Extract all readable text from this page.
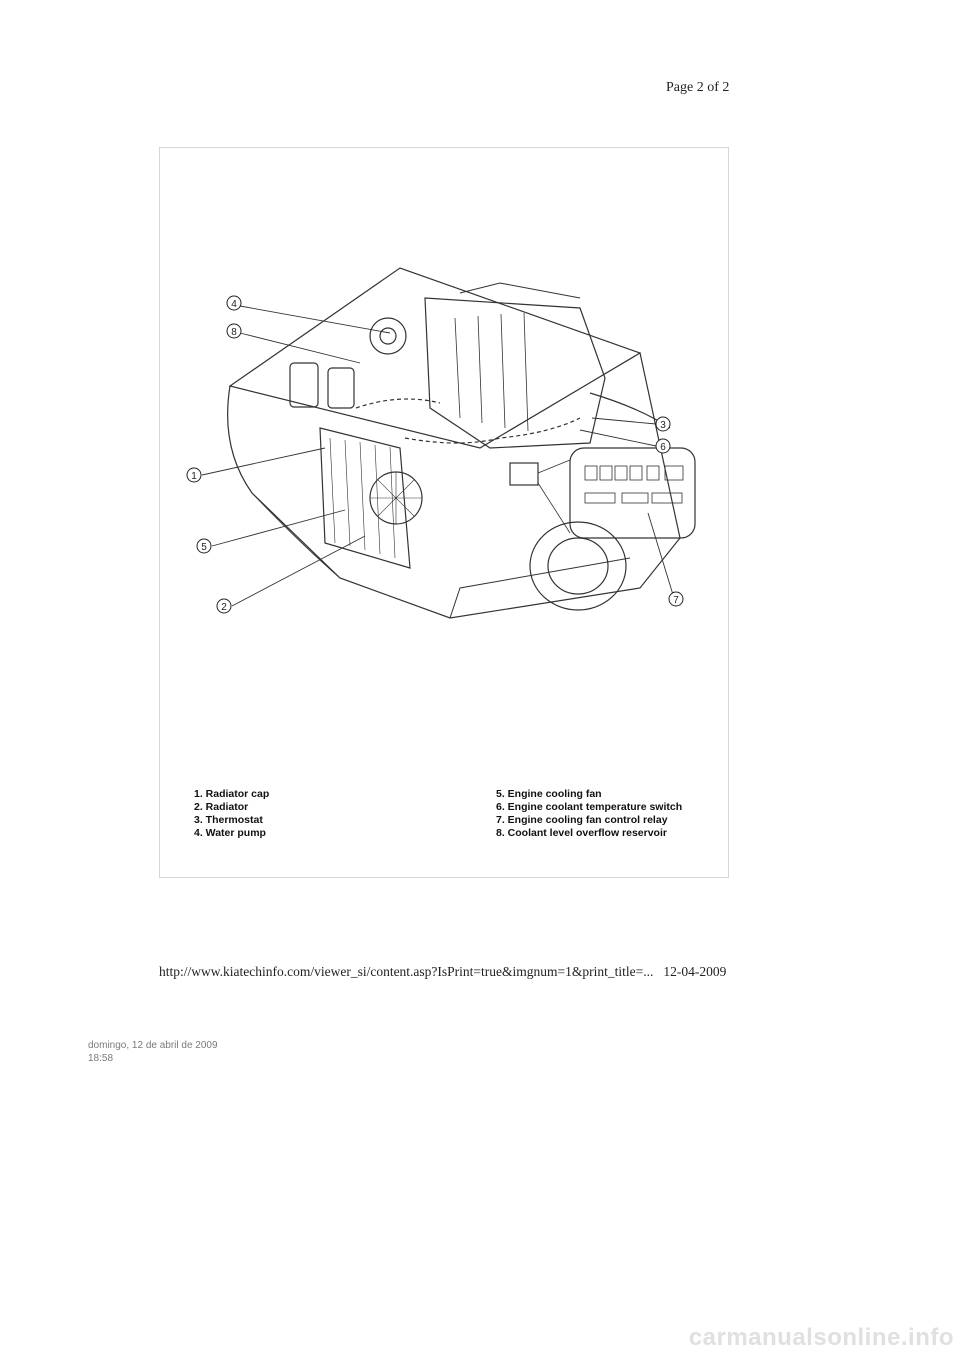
Page 2 of 2
4
8
3
6
1
5
2
7
1. Radiator cap
2. Radiator
3. Thermostat
4. Water pump
5. Engine cooling fan
6. Engine coolant temperature switch
7. Engine cooling fan control relay
8. Coolant level overflow reservoir
http://www.kiatechinfo.com/viewer_si/content.asp?IsPrint=true&imgnum=1&print_title=... 12-04-2009
domingo, 12 de abril de 2009
18:58
carmanualsonline.info
